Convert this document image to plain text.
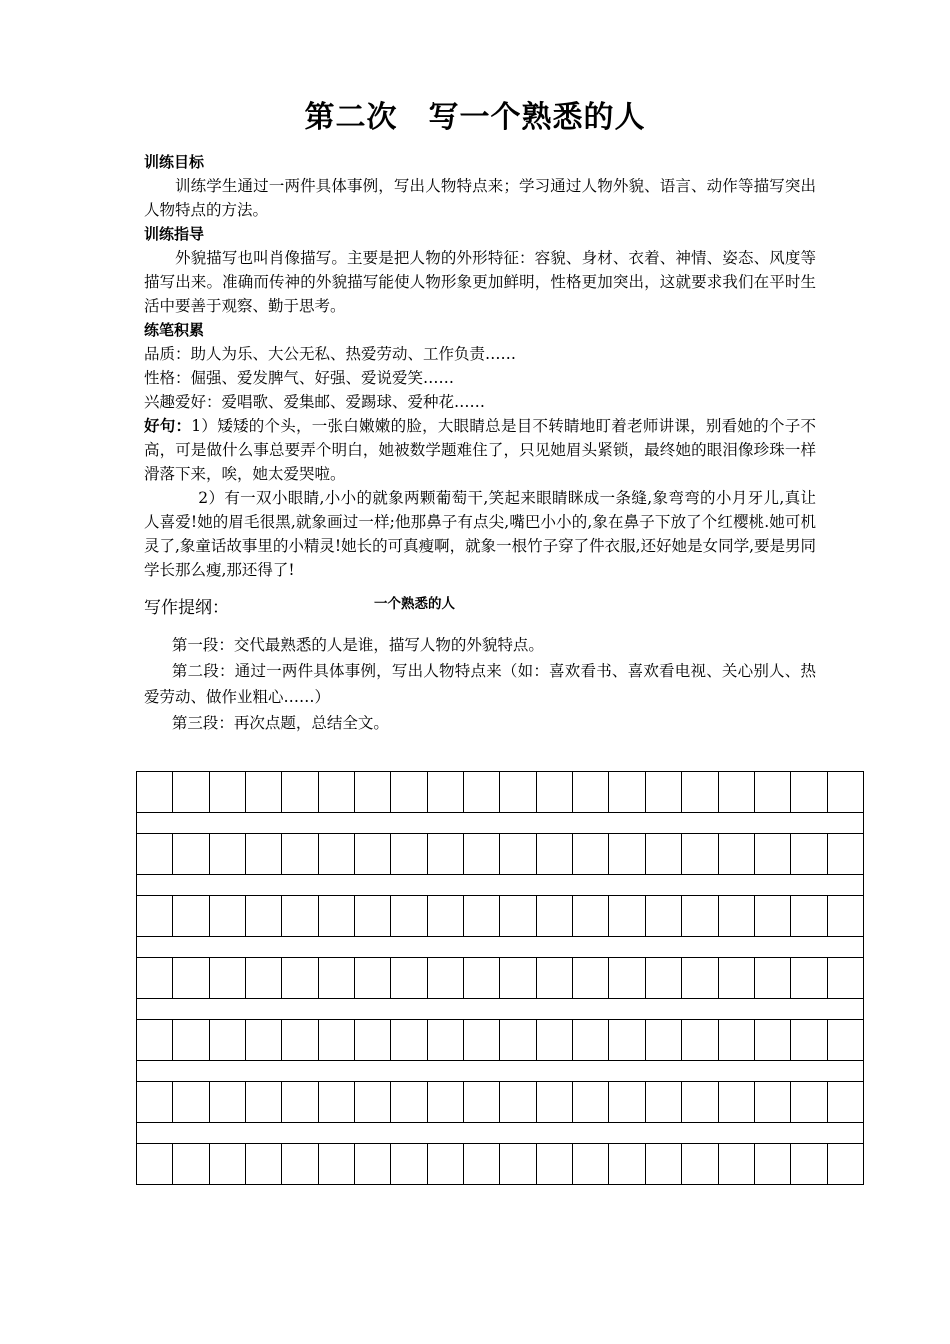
第二次　写一个熟悉的人
训练目标
训练学生通过一两件具体事例，写出人物特点来；学习通过人物外貌、语言、动作等描写突出人物特点的方法。
训练指导
外貌描写也叫肖像描写。主要是把人物的外形特征：容貌、身材、衣着、神情、姿态、风度等描写出来。准确而传神的外貌描写能使人物形象更加鲜明，性格更加突出，这就要求我们在平时生活中要善于观察、勤于思考。
练笔积累
品质：助人为乐、大公无私、热爱劳动、工作负责……
性格：倔强、爱发脾气、好强、爱说爱笑……
兴趣爱好：爱唱歌、爱集邮、爱踢球、爱种花……
好句：1）矮矮的个头，一张白嫩嫩的脸，大眼睛总是目不转睛地盯着老师讲课，别看她的个子不高，可是做什么事总要弄个明白，她被数学题难住了，只见她眉头紧锁，最终她的眼泪像珍珠一样滑落下来，唉，她太爱哭啦。
2）有一双小眼睛,小小的就象两颗葡萄干,笑起来眼睛眯成一条缝,象弯弯的小月牙儿,真让人喜爱!她的眉毛很黑,就象画过一样;他那鼻子有点尖,嘴巴小小的,象在鼻子下放了个红樱桃.她可机灵了,象童话故事里的小精灵!她长的可真瘦啊，就象一根竹子穿了件衣服,还好她是女同学,要是男同学长那么瘦,那还得了!
写作提纲：	一个熟悉的人
第一段：交代最熟悉的人是谁，描写人物的外貌特点。
第二段：通过一两件具体事例，写出人物特点来（如：喜欢看书、喜欢看电视、关心别人、热爱劳动、做作业粗心……）
第三段：再次点题，总结全文。
